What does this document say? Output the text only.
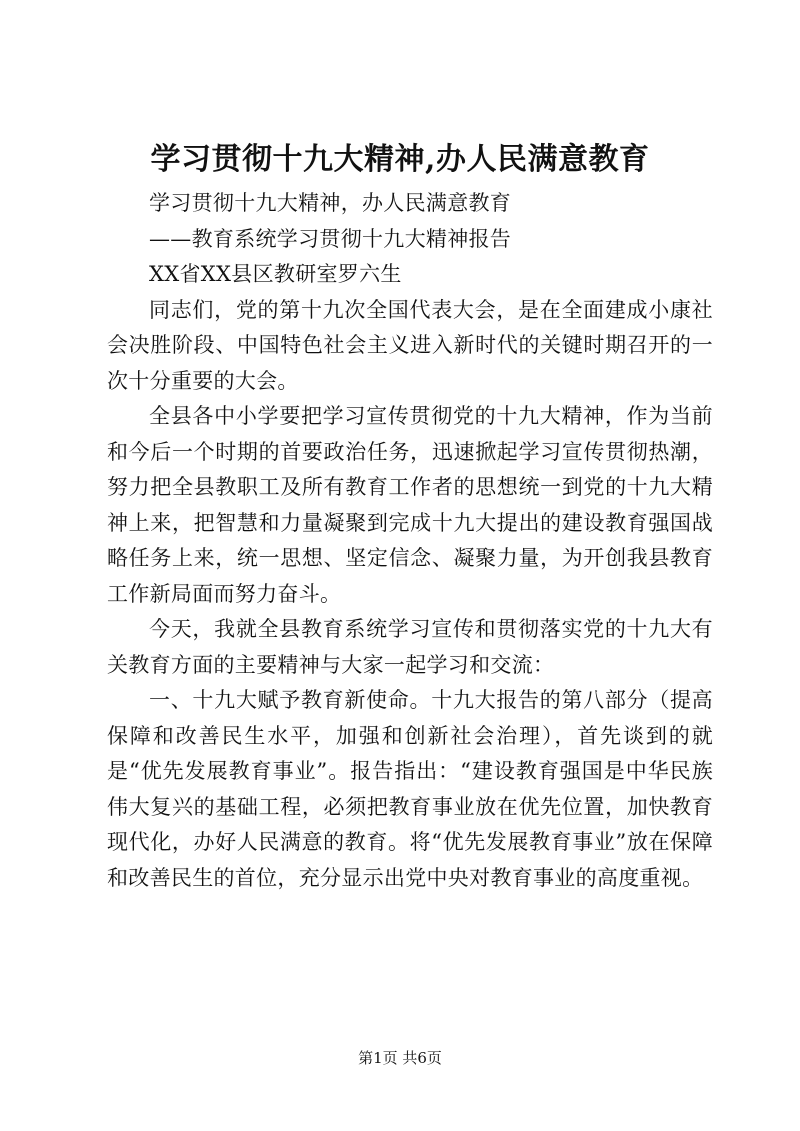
学习贯彻十九大精神,办人民满意教育

学习贯彻十九大精神，办人民满意教育

——教育系统学习贯彻十九大精神报告

XX省XX县区教研室罗六生

同志们，党的第十九次全国代表大会，是在全面建成小康社会决胜阶段、中国特色社会主义进入新时代的关键时期召开的一次十分重要的大会。

全县各中小学要把学习宣传贯彻党的十九大精神，作为当前和今后一个时期的首要政治任务，迅速掀起学习宣传贯彻热潮，努力把全县教职工及所有教育工作者的思想统一到党的十九大精神上来，把智慧和力量凝聚到完成十九大提出的建设教育强国战略任务上来，统一思想、坚定信念、凝聚力量，为开创我县教育工作新局面而努力奋斗。

今天，我就全县教育系统学习宣传和贯彻落实党的十九大有关教育方面的主要精神与大家一起学习和交流：

一、十九大赋予教育新使命。十九大报告的第八部分（提高保障和改善民生水平，加强和创新社会治理），首先谈到的就是“优先发展教育事业”。报告指出：“建设教育强国是中华民族伟大复兴的基础工程，必须把教育事业放在优先位置，加快教育现代化，办好人民满意的教育。将“优先发展教育事业”放在保障和改善民生的首位，充分显示出党中央对教育事业的高度重视。

第1页 共6页
